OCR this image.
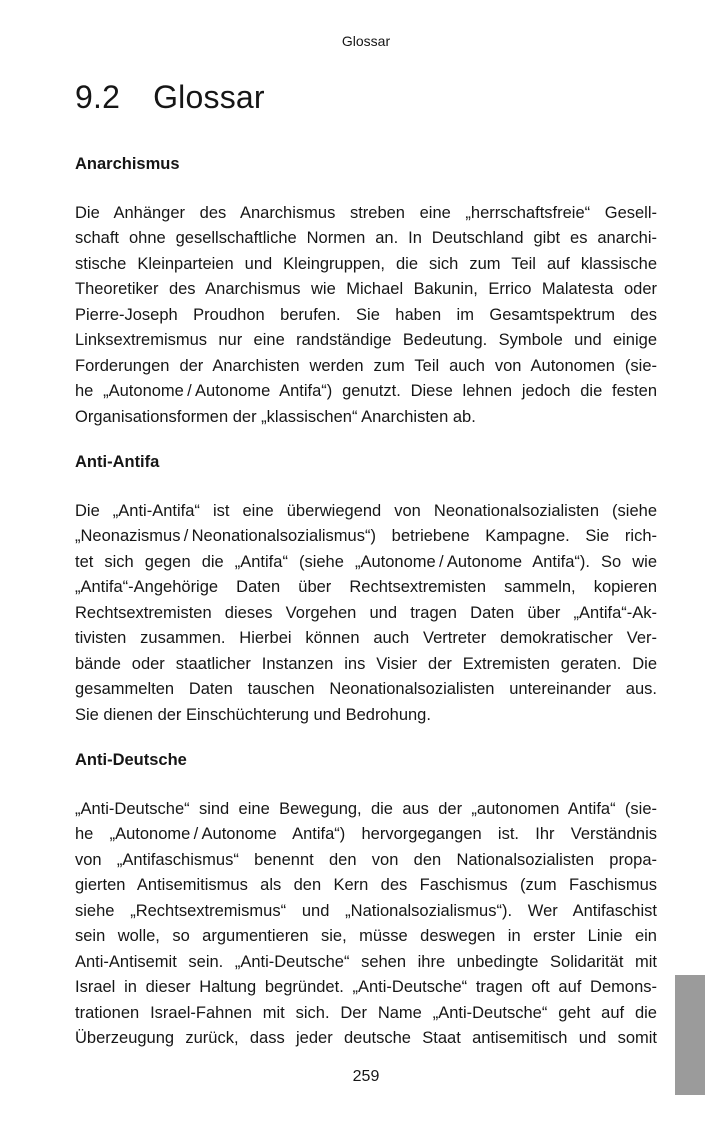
Glossar
9.2 Glossar
Anarchismus
Die Anhänger des Anarchismus streben eine „herrschaftsfreie“ Gesell-
schaft ohne gesellschaftliche Normen an. In Deutschland gibt es anarchi-
stische Kleinparteien und Kleingruppen, die sich zum Teil auf klassische
Theoretiker des Anarchismus wie Michael Bakunin, Errico Malatesta oder
Pierre-Joseph Proudhon berufen. Sie haben im Gesamtspektrum des
Linksextremismus nur eine randständige Bedeutung. Symbole und einige
Forderungen der Anarchisten werden zum Teil auch von Autonomen (sie-
he „Autonome / Autonome Antifa“) genutzt. Diese lehnen jedoch die festen
Organisationsformen der „klassischen“ Anarchisten ab.
Anti-Antifa
Die „Anti-Antifa“ ist eine überwiegend von Neonationalsozialisten (siehe
„Neonazismus / Neonationalsozialismus“) betriebene Kampagne. Sie rich-
tet sich gegen die „Antifa“ (siehe „Autonome / Autonome Antifa“). So wie
„Antifa“-Angehörige Daten über Rechtsextremisten sammeln, kopieren
Rechtsextremisten dieses Vorgehen und tragen Daten über „Antifa“-Ak-
tivisten zusammen. Hierbei können auch Vertreter demokratischer Ver-
bände oder staatlicher Instanzen ins Visier der Extremisten geraten. Die
gesammelten Daten tauschen Neonationalsozialisten untereinander aus.
Sie dienen der Einschüchterung und Bedrohung.
Anti-Deutsche
„Anti-Deutsche“ sind eine Bewegung, die aus der „autonomen Antifa“ (sie-
he „Autonome / Autonome Antifa“) hervorgegangen ist. Ihr Verständnis
von „Antifaschismus“ benennt den von den Nationalsozialisten propa-
gierten Antisemitismus als den Kern des Faschismus (zum Faschismus
siehe „Rechtsextremismus“ und „Nationalsozialismus“). Wer Antifaschist
sein wolle, so argumentieren sie, müsse deswegen in erster Linie ein
Anti-Antisemit sein. „Anti-Deutsche“ sehen ihre unbedingte Solidarität mit
Israel in dieser Haltung begründet. „Anti-Deutsche“ tragen oft auf Demons-
trationen Israel-Fahnen mit sich. Der Name „Anti-Deutsche“ geht auf die
Überzeugung zurück, dass jeder deutsche Staat antisemitisch und somit
259
